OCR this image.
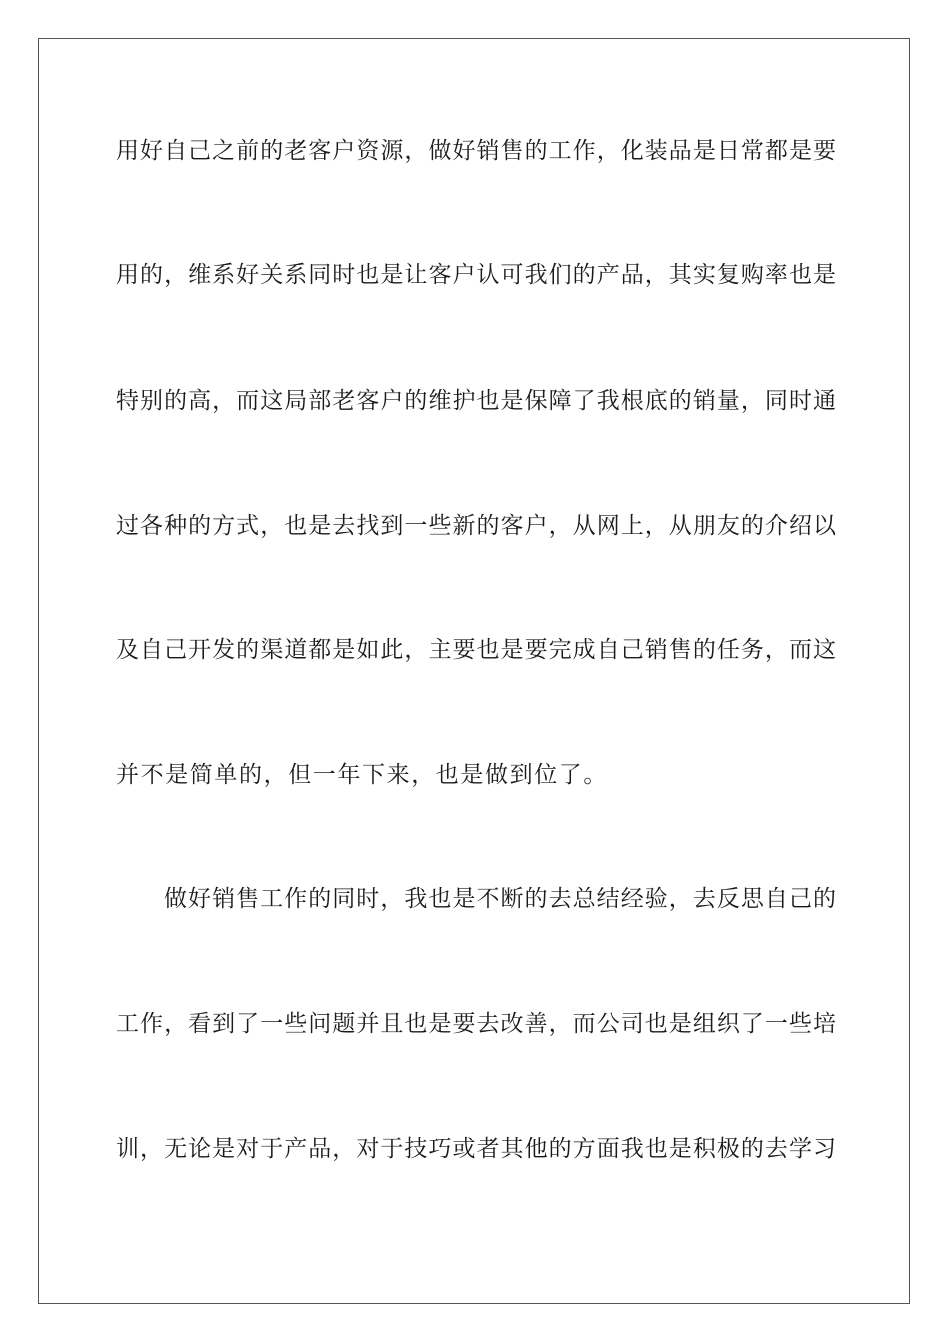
用好自己之前的老客户资源，做好销售的工作，化装品是日常都是要
用的，维系好关系同时也是让客户认可我们的产品，其实复购率也是
特别的高，而这局部老客户的维护也是保障了我根底的销量，同时通
过各种的方式，也是去找到一些新的客户，从网上，从朋友的介绍以
及自己开发的渠道都是如此，主要也是要完成自己销售的任务，而这
并不是简单的，但一年下来，也是做到位了。
做好销售工作的同时，我也是不断的去总结经验，去反思自己的
工作，看到了一些问题并且也是要去改善，而公司也是组织了一些培
训，无论是对于产品，对于技巧或者其他的方面我也是积极的去学习
